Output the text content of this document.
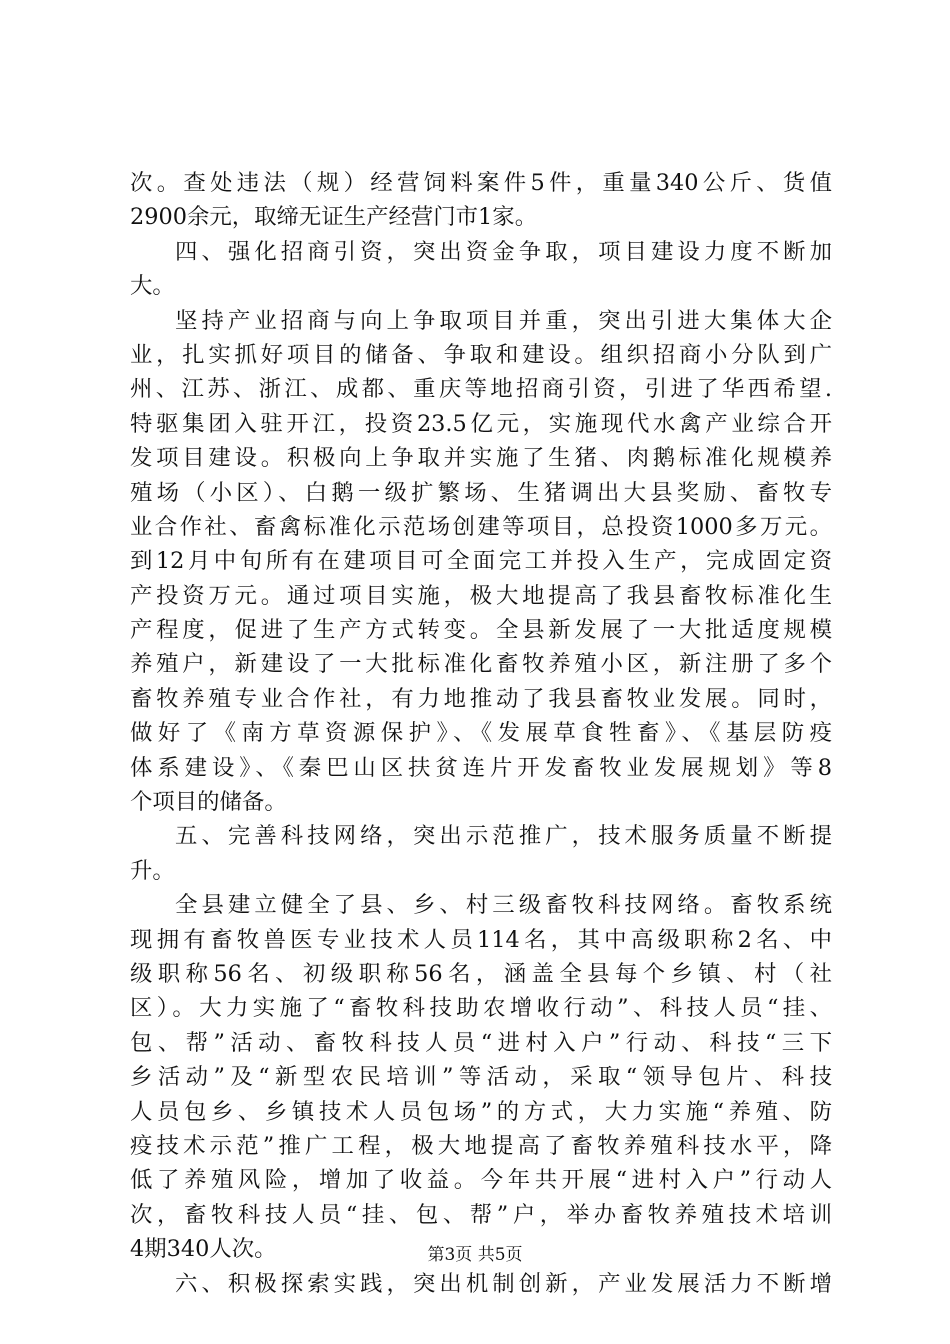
次。查处违法（规）经营饲料案件5件，重量340公斤、货值
2900余元，取缔无证生产经营门市1家。
四、强化招商引资，突出资金争取，项目建设力度不断加
大。
坚持产业招商与向上争取项目并重，突出引进大集体大企
业，扎实抓好项目的储备、争取和建设。组织招商小分队到广
州、江苏、浙江、成都、重庆等地招商引资，引进了华西希望.
特驱集团入驻开江，投资23.5亿元，实施现代水禽产业综合开
发项目建设。积极向上争取并实施了生猪、肉鹅标准化规模养
殖场（小区）、白鹅一级扩繁场、生猪调出大县奖励、畜牧专
业合作社、畜禽标准化示范场创建等项目，总投资1000多万元。
到12月中旬所有在建项目可全面完工并投入生产，完成固定资
产投资万元。通过项目实施，极大地提高了我县畜牧标准化生
产程度，促进了生产方式转变。全县新发展了一大批适度规模
养殖户，新建设了一大批标准化畜牧养殖小区，新注册了多个
畜牧养殖专业合作社，有力地推动了我县畜牧业发展。同时，
做好了《南方草资源保护》、《发展草食牲畜》、《基层防疫
体系建设》、《秦巴山区扶贫连片开发畜牧业发展规划》等8
个项目的储备。
五、完善科技网络，突出示范推广，技术服务质量不断提
升。
全县建立健全了县、乡、村三级畜牧科技网络。畜牧系统
现拥有畜牧兽医专业技术人员114名，其中高级职称2名、中
级职称56名、初级职称56名，涵盖全县每个乡镇、村（社
区）。大力实施了“畜牧科技助农增收行动”、科技人员“挂、
包、帮”活动、畜牧科技人员“进村入户”行动、科技“三下
乡活动”及“新型农民培训”等活动，采取“领导包片、科技
人员包乡、乡镇技术人员包场”的方式，大力实施“养殖、防
疫技术示范”推广工程，极大地提高了畜牧养殖科技水平，降
低了养殖风险，增加了收益。今年共开展“进村入户”行动人
次，畜牧科技人员“挂、包、帮”户，举办畜牧养殖技术培训
4期340人次。
六、积极探索实践，突出机制创新，产业发展活力不断增
第3页 共5页
